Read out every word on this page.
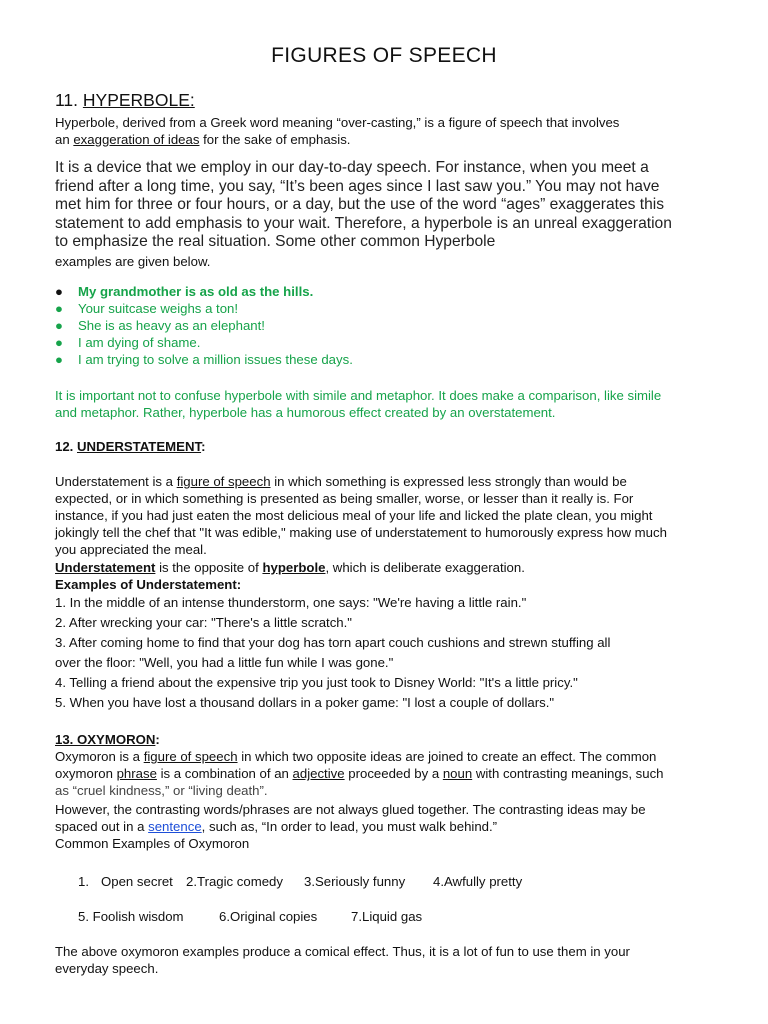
FIGURES OF SPEECH
11. HYPERBOLE:

Hyperbole, derived from a Greek word meaning “over-casting,” is a figure of speech that involves
an exaggeration of ideas for the sake of emphasis.

It is a device that we employ in our day-to-day speech. For instance, when you meet a friend after a long time, you say, “It’s been ages since I last saw you.” You may not have met him for three or four hours, or a day, but the use of the word “ages” exaggerates this statement to add emphasis to your wait. Therefore, a hyperbole is an unreal exaggeration to emphasize the real situation. Some other common Hyperbole

examples are given below.

● My grandmother is as old as the hills.
● Your suitcase weighs a ton!
● She is as heavy as an elephant!
● I am dying of shame.
● I am trying to solve a million issues these days.

It is important not to confuse hyperbole with simile and metaphor. It does make a comparison, like simile and metaphor. Rather, hyperbole has a humorous effect created by an overstatement.

12. UNDERSTATEMENT:

Understatement is a figure of speech in which something is expressed less strongly than would be expected, or in which something is presented as being smaller, worse, or lesser than it really is. For instance, if you had just eaten the most delicious meal of your life and licked the plate clean, you might jokingly tell the chef that "It was edible," making use of understatement to humorously express how much you appreciated the meal.

Understatement is the opposite of hyperbole, which is deliberate exaggeration.

Examples of Understatement:
1. In the middle of an intense thunderstorm, one says: "We're having a little rain."
2. After wrecking your car: "There's a little scratch."
3. After coming home to find that your dog has torn apart couch cushions and strewn stuffing all
over the floor: "Well, you had a little fun while I was gone."
4. Telling a friend about the expensive trip you just took to Disney World: "It's a little pricy."
5. When you have lost a thousand dollars in a poker game: "I lost a couple of dollars."
13. OXYMORON:

Oxymoron is a figure of speech in which two opposite ideas are joined to create an effect. The common oxymoron phrase is a combination of an adjective proceeded by a noun with contrasting meanings, such as “cruel kindness,” or “living death”.

However, the contrasting words/phrases are not always glued together. The contrasting ideas may be spaced out in a sentence, such as, “In order to lead, you must walk behind.”

Common Examples of Oxymoron
1. Open secret 2.Tragic comedy 3.Seriously funny 4.Awfully pretty
5. Foolish wisdom	6.Original copies	7.Liquid gas

The above oxymoron examples produce a comical effect. Thus, it is a lot of fun to use them in your everyday speech.
